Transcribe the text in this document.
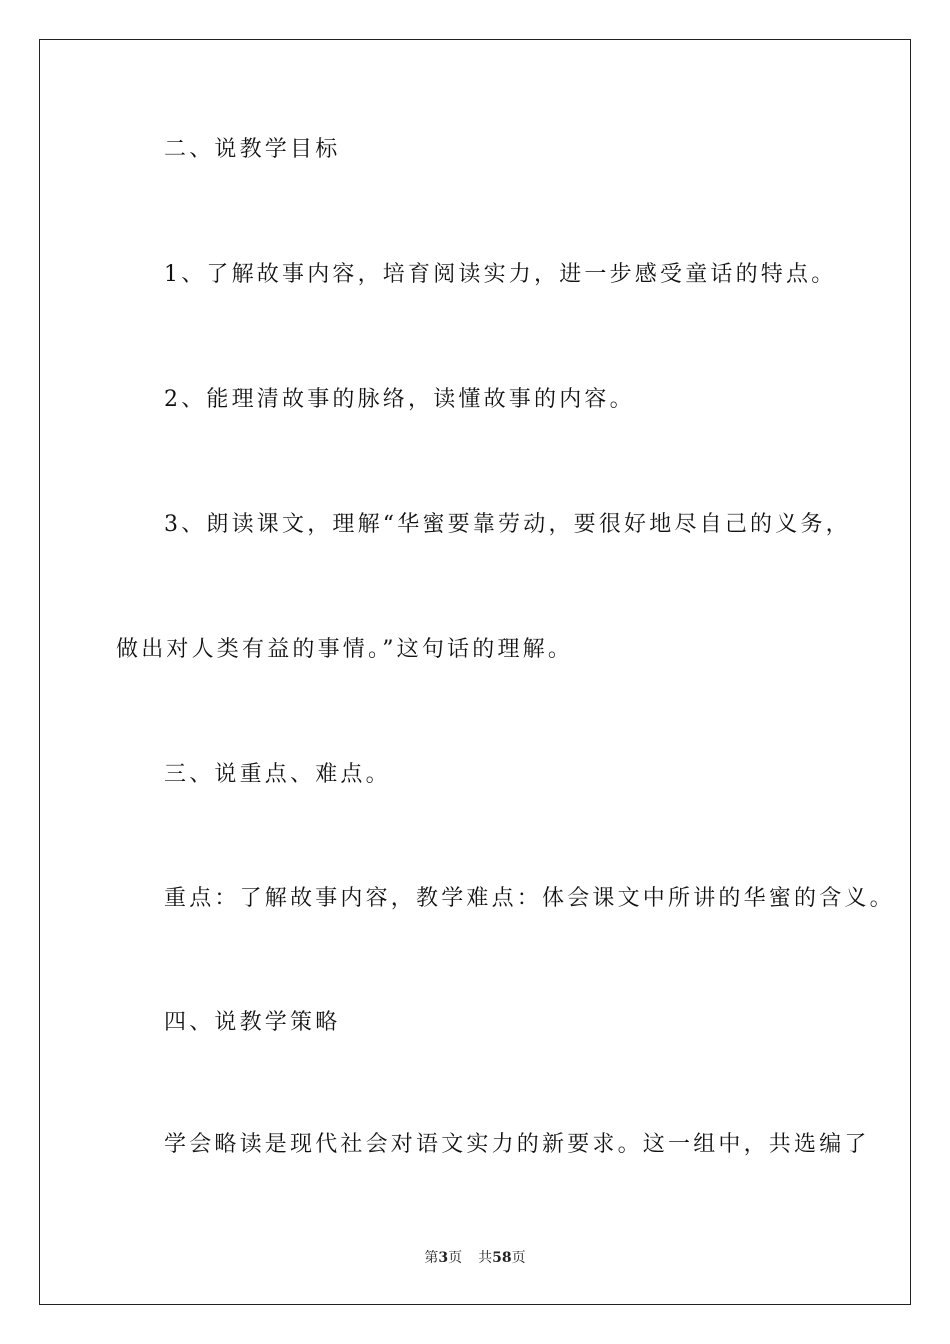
二、说教学目标
1、了解故事内容，培育阅读实力，进一步感受童话的特点。
2、能理清故事的脉络，读懂故事的内容。
3、朗读课文，理解“华蜜要靠劳动，要很好地尽自己的义务，
做出对人类有益的事情。”这句话的理解。
三、说重点、难点。
重点：了解故事内容，教学难点：体会课文中所讲的华蜜的含义。
四、说教学策略
学会略读是现代社会对语文实力的新要求。这一组中，共选编了
第3页 共58页
